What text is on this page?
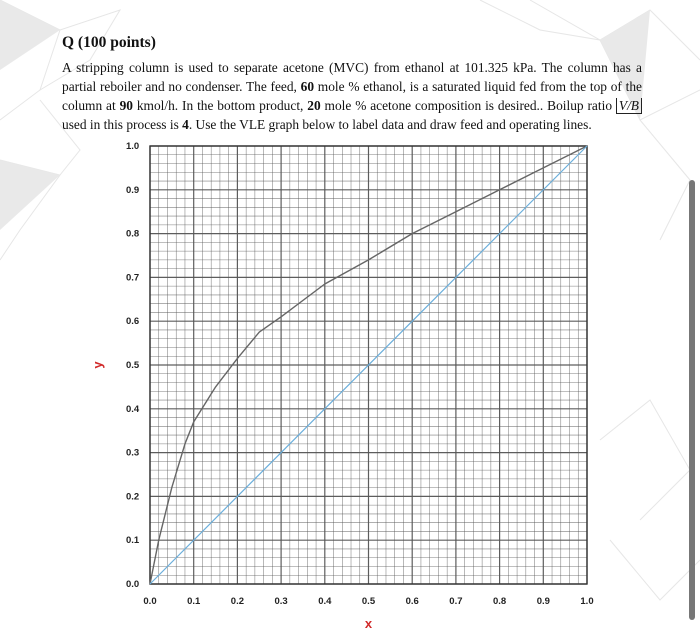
Q (100 points)

A stripping column is used to separate acetone (MVC) from ethanol at 101.325 kPa. The column has a partial reboiler and no condenser. The feed, 60 mole % ethanol, is a saturated liquid fed from the top of the column at 90 kmol/h. In the bottom product, 20 mole % acetone composition is desired.. Boilup ratio V/B used in this process is 4. Use the VLE graph below to label data and draw feed and operating lines.

0.0	0.1	0.2	0.3	0.4	0.5	0.6	0.7	0.8	0.9	1.0
0.0
0.1
0.2
0.3
0.4
0.5
0.6
0.7
0.8
0.9
1.0
x
y
